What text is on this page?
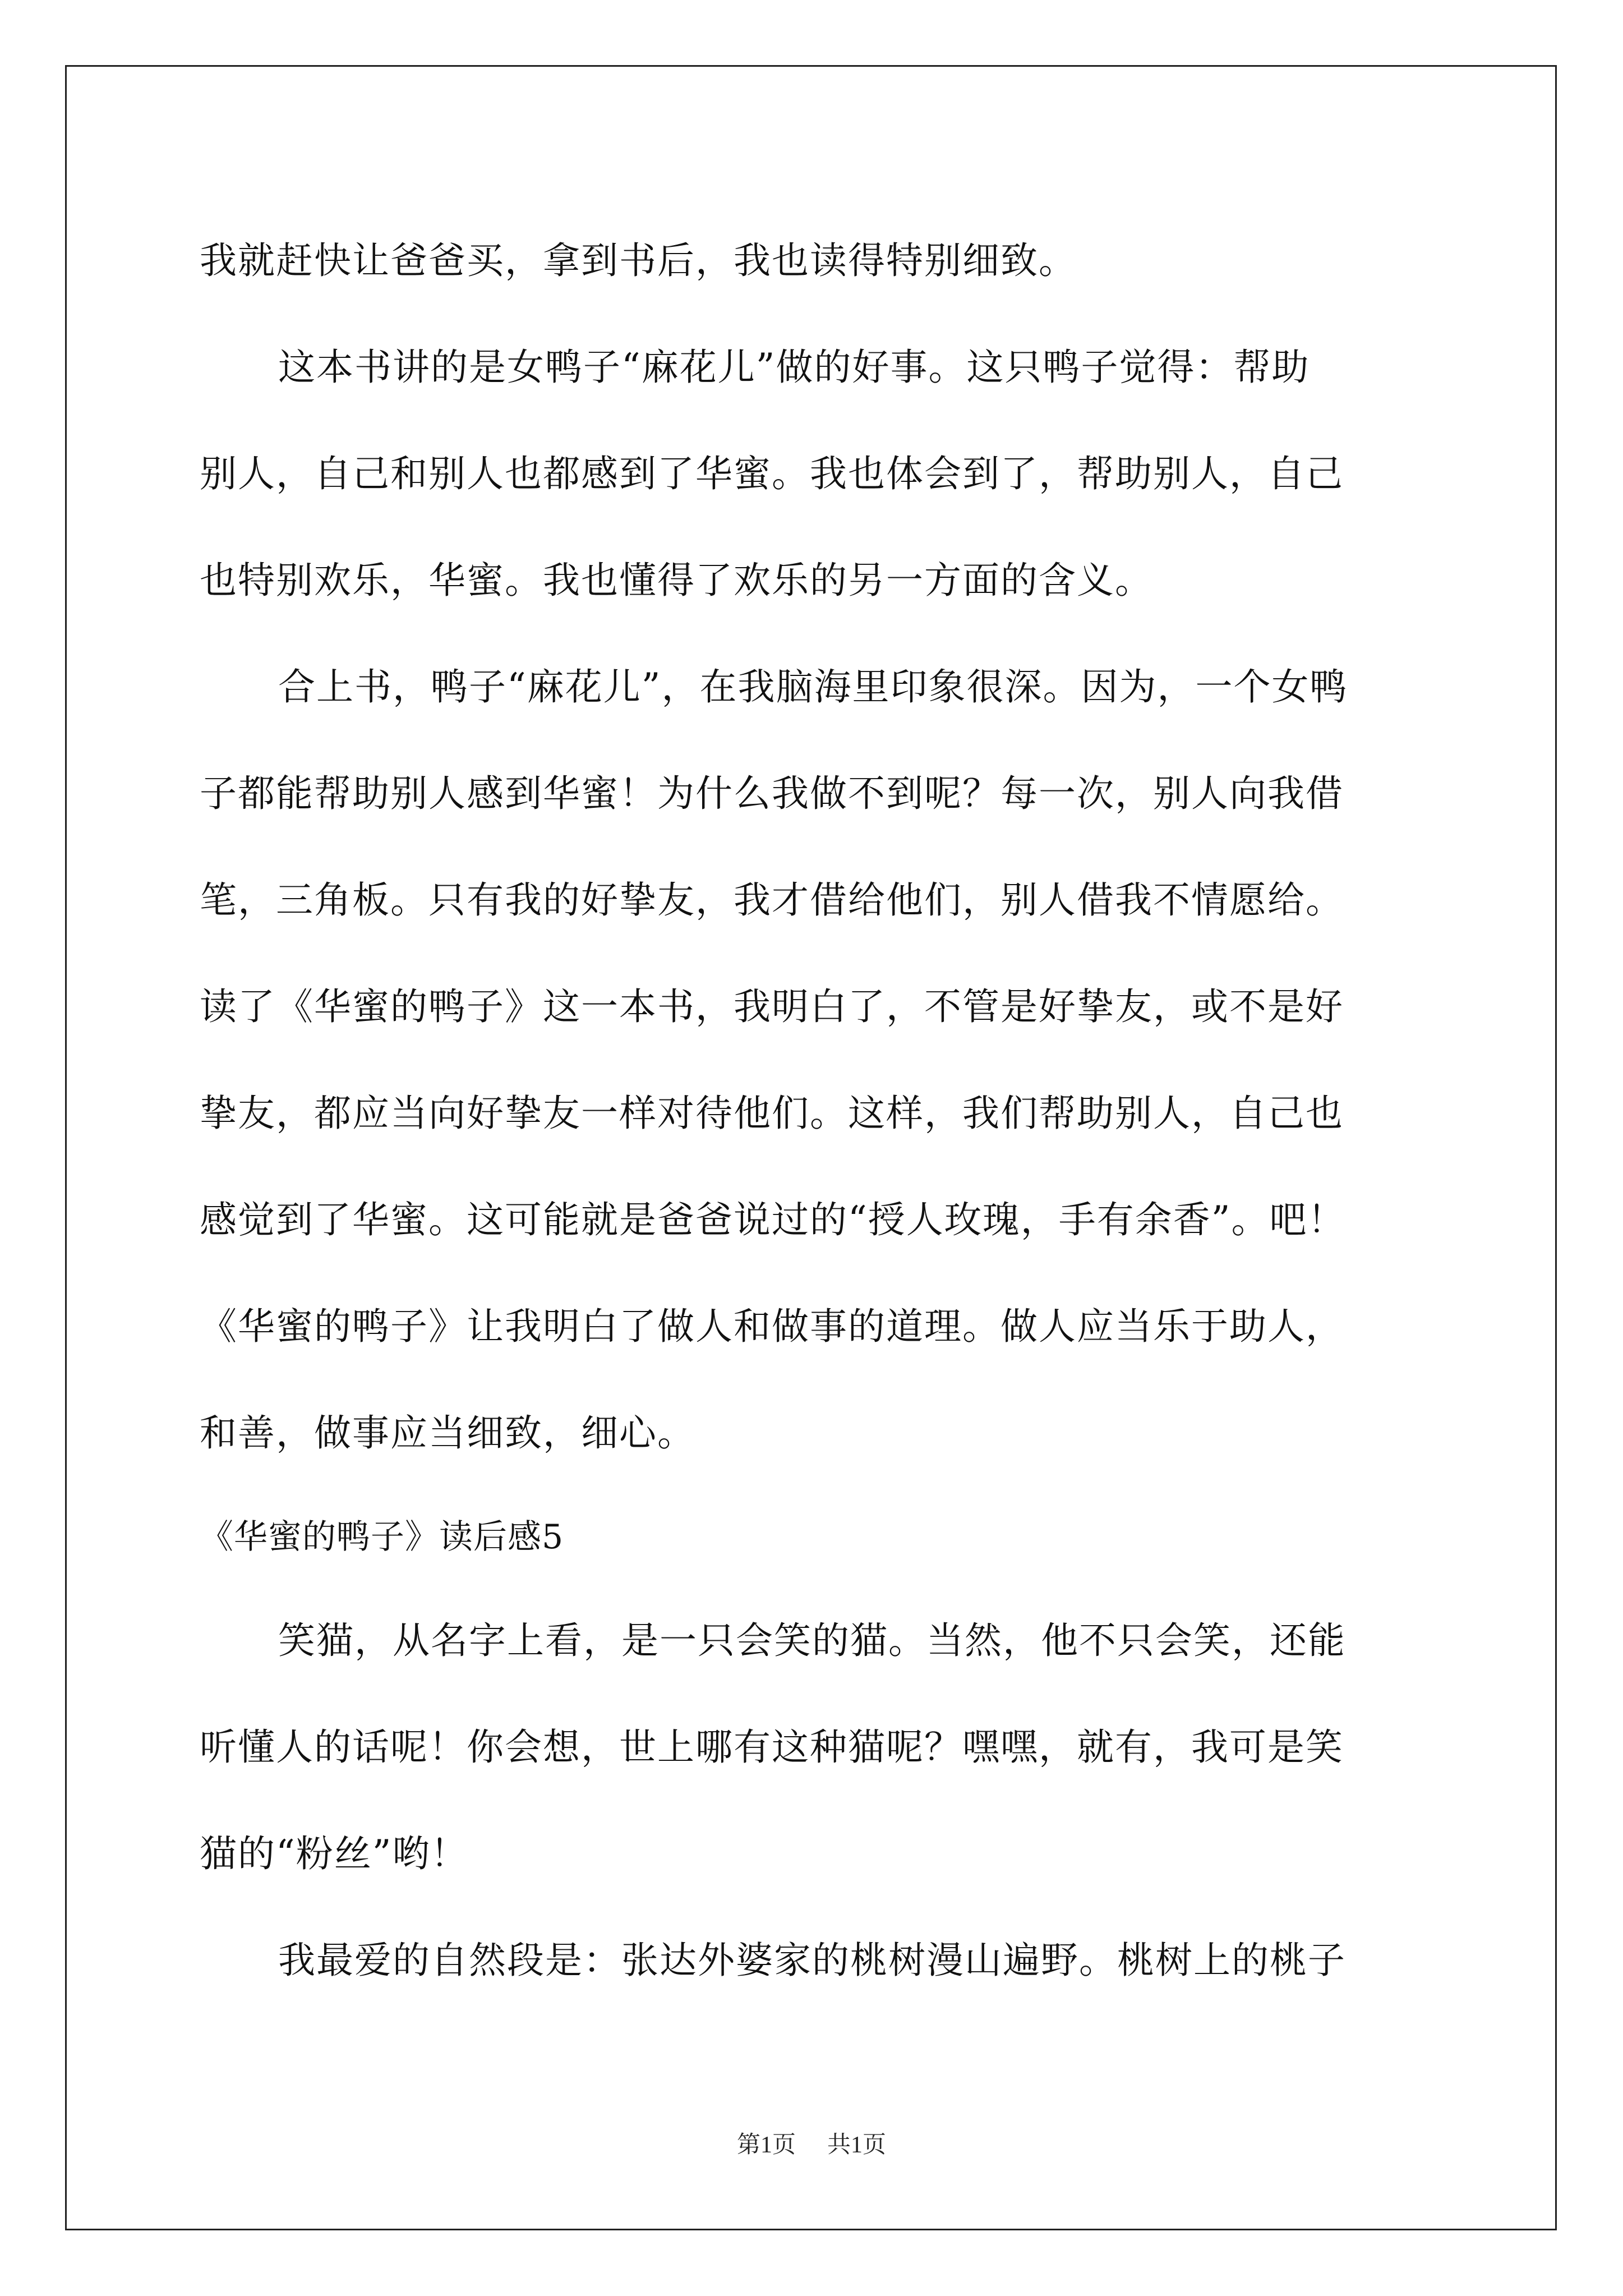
我就赶快让爸爸买，拿到书后，我也读得特别细致。
这本书讲的是女鸭子“麻花儿”做的好事。这只鸭子觉得：帮助
别人，自己和别人也都感到了华蜜。我也体会到了，帮助别人，自己
也特别欢乐，华蜜。我也懂得了欢乐的另一方面的含义。
合上书，鸭子“麻花儿”，在我脑海里印象很深。因为，一个女鸭
子都能帮助别人感到华蜜！为什么我做不到呢？每一次，别人向我借
笔，三角板。只有我的好挚友，我才借给他们，别人借我不情愿给。
读了《华蜜的鸭子》这一本书，我明白了，不管是好挚友，或不是好
挚友，都应当向好挚友一样对待他们。这样，我们帮助别人，自己也
感觉到了华蜜。这可能就是爸爸说过的“授人玫瑰，手有余香”。吧！
《华蜜的鸭子》让我明白了做人和做事的道理。做人应当乐于助人，
和善，做事应当细致，细心。
《华蜜的鸭子》读后感5
笑猫，从名字上看，是一只会笑的猫。当然，他不只会笑，还能
听懂人的话呢！你会想，世上哪有这种猫呢？嘿嘿，就有，我可是笑
猫的“粉丝”哟！
我最爱的自然段是：张达外婆家的桃树漫山遍野。桃树上的桃子
第1页 共1页
